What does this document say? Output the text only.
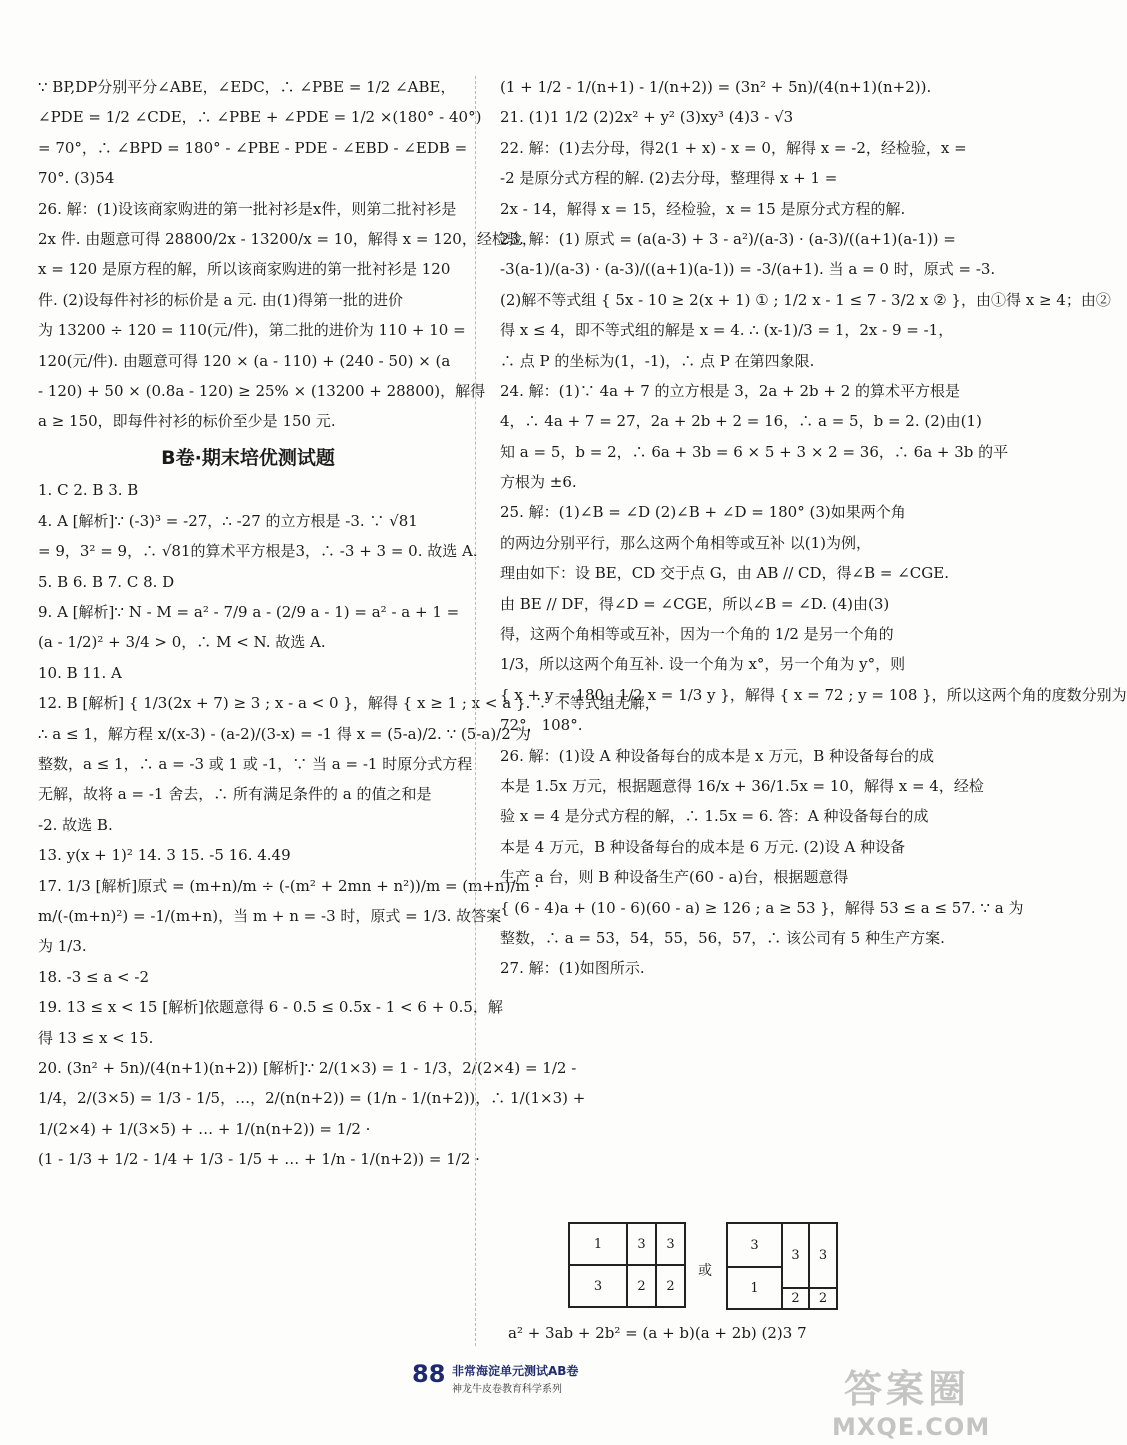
∵ BP,DP分别平分∠ABE，∠EDC，∴ ∠PBE = 1/2 ∠ABE，
∠PDE = 1/2 ∠CDE，∴ ∠PBE + ∠PDE = 1/2 ×(180° - 40°)
= 70°，∴ ∠BPD = 180° - ∠PBE - PDE - ∠EBD - ∠EDB =
70°. (3)54
26. 解：(1)设该商家购进的第一批衬衫是x件，则第二批衬衫是
2x 件. 由题意可得 28800/2x - 13200/x = 10，解得 x = 120，经检验，
x = 120 是原方程的解，所以该商家购进的第一批衬衫是 120
件. (2)设每件衬衫的标价是 a 元. 由(1)得第一批的进价
为 13200 ÷ 120 = 110(元/件)，第二批的进价为 110 + 10 =
120(元/件). 由题意可得 120 × (a - 110) + (240 - 50) × (a
- 120) + 50 × (0.8a - 120) ≥ 25% × (13200 + 28800)，解得
a ≥ 150，即每件衬衫的标价至少是 150 元.
B卷·期末培优测试题
1. C 2. B 3. B
4. A [解析]∵ (-3)³ = -27，∴ -27 的立方根是 -3. ∵ √81
= 9，3² = 9，∴ √81的算术平方根是3，∴ -3 + 3 = 0. 故选 A.
5. B 6. B 7. C 8. D
9. A [解析]∵ N - M = a² - 7/9 a - (2/9 a - 1) = a² - a + 1 =
(a - 1/2)² + 3/4 > 0，∴ M < N. 故选 A.
10. B 11. A
12. B [解析] { 1/3(2x + 7) ≥ 3 ; x - a < 0 }，解得 { x ≥ 1 ; x < a }. ∵ 不等式组无解，
∴ a ≤ 1，解方程 x/(x-3) - (a-2)/(3-x) = -1 得 x = (5-a)/2. ∵ (5-a)/2 为
整数，a ≤ 1，∴ a = -3 或 1 或 -1，∵ 当 a = -1 时原分式方程
无解，故将 a = -1 舍去，∴ 所有满足条件的 a 的值之和是
-2. 故选 B.
13. y(x + 1)² 14. 3 15. -5 16. 4.49
17. 1/3 [解析]原式 = (m+n)/m ÷ (-(m² + 2mn + n²))/m = (m+n)/m ·
m/(-(m+n)²) = -1/(m+n)，当 m + n = -3 时，原式 = 1/3. 故答案
为 1/3.
18. -3 ≤ a < -2
19. 13 ≤ x < 15 [解析]依题意得 6 - 0.5 ≤ 0.5x - 1 < 6 + 0.5，解
得 13 ≤ x < 15.
20. (3n² + 5n)/(4(n+1)(n+2)) [解析]∵ 2/(1×3) = 1 - 1/3，2/(2×4) = 1/2 -
1/4，2/(3×5) = 1/3 - 1/5，…，2/(n(n+2)) = (1/n - 1/(n+2))，∴ 1/(1×3) +
1/(2×4) + 1/(3×5) + … + 1/(n(n+2)) = 1/2 ·
(1 - 1/3 + 1/2 - 1/4 + 1/3 - 1/5 + … + 1/n - 1/(n+2)) = 1/2 ·
(1 + 1/2 - 1/(n+1) - 1/(n+2)) = (3n² + 5n)/(4(n+1)(n+2)).
21. (1)1 1/2 (2)2x² + y² (3)xy³ (4)3 - √3
22. 解：(1)去分母，得2(1 + x) - x = 0，解得 x = -2，经检验，x =
-2 是原分式方程的解. (2)去分母，整理得 x + 1 =
2x - 14，解得 x = 15，经检验，x = 15 是原分式方程的解.
23. 解：(1) 原式 = (a(a-3) + 3 - a²)/(a-3) · (a-3)/((a+1)(a-1)) =
-3(a-1)/(a-3) · (a-3)/((a+1)(a-1)) = -3/(a+1). 当 a = 0 时，原式 = -3.
(2)解不等式组 { 5x - 10 ≥ 2(x + 1) ① ; 1/2 x - 1 ≤ 7 - 3/2 x ② }，由①得 x ≥ 4；由②
得 x ≤ 4，即不等式组的解是 x = 4. ∴ (x-1)/3 = 1，2x - 9 = -1，
∴ 点 P 的坐标为(1，-1)，∴ 点 P 在第四象限.
24. 解：(1)∵ 4a + 7 的立方根是 3，2a + 2b + 2 的算术平方根是
4，∴ 4a + 7 = 27，2a + 2b + 2 = 16，∴ a = 5，b = 2. (2)由(1)
知 a = 5，b = 2，∴ 6a + 3b = 6 × 5 + 3 × 2 = 36，∴ 6a + 3b 的平
方根为 ±6.
25. 解：(1)∠B = ∠D (2)∠B + ∠D = 180° (3)如果两个角
的两边分别平行，那么这两个角相等或互补 以(1)为例，
理由如下：设 BE，CD 交于点 G，由 AB // CD，得∠B = ∠CGE.
由 BE // DF，得∠D = ∠CGE，所以∠B = ∠D. (4)由(3)
得，这两个角相等或互补，因为一个角的 1/2 是另一个角的
1/3，所以这两个角互补. 设一个角为 x°，另一个角为 y°，则
{ x + y = 180 ; 1/2 x = 1/3 y }，解得 { x = 72 ; y = 108 }，所以这两个角的度数分别为
72°，108°.
26. 解：(1)设 A 种设备每台的成本是 x 万元，B 种设备每台的成
本是 1.5x 万元，根据题意得 16/x + 36/1.5x = 10，解得 x = 4，经检
验 x = 4 是分式方程的解，∴ 1.5x = 6. 答：A 种设备每台的成
本是 4 万元，B 种设备每台的成本是 6 万元. (2)设 A 种设备
生产 a 台，则 B 种设备生产(60 - a)台，根据题意得
{ (6 - 4)a + (10 - 6)(60 - a) ≥ 126 ; a ≥ 53 }，解得 53 ≤ a ≤ 57. ∵ a 为
整数，∴ a = 53，54，55，56，57，∴ 该公司有 5 种生产方案.
27. 解：(1)如图所示.
1	3	3
3	2	2
或
3
3	3
1
2	2
a² + 3ab + 2b² = (a + b)(a + 2b) (2)3 7
88 非常海淀单元测试AB卷
神龙牛皮卷教育科学系列	答案圈
MXQE.COM
